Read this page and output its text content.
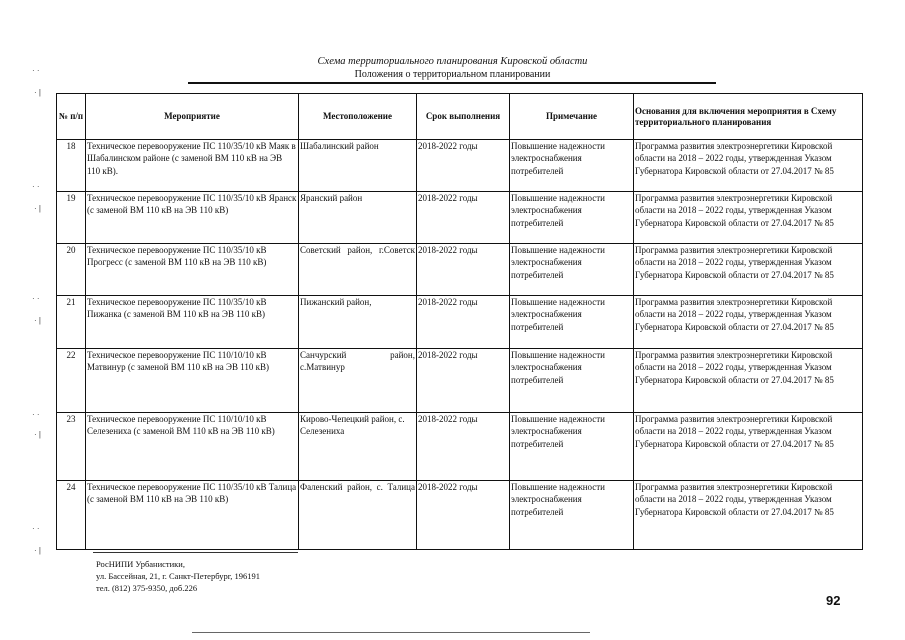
Схема территориального планирования Кировской области
Положения о территориальном планировании
· ·
· |
· ·
· |
· ·
· |
· ·
· |
· ·
· |
№ п/п	Мероприятие	Местоположение	Срок выполнения	Примечание	Основания для включения мероприятия в Схему территориального планирования
18	Техническое перевооружение ПС 110/35/10 кВ Маяк в Шабалинском районе (с заменой ВМ 110 кВ на ЭВ 110 кВ).	Шабалинский район	2018-2022 годы	Повышение надежности электроснабжения потребителей	Программа развития электроэнергетики Кировской области на 2018 – 2022 годы, утвержденная Указом Губернатора Кировской области от 27.04.2017 № 85
19	Техническое перевооружение ПС 110/35/10 кВ Яранск (с заменой ВМ 110 кВ на ЭВ 110 кВ)	Яранский район	2018-2022 годы	Повышение надежности электроснабжения потребителей	Программа развития электроэнергетики Кировской области на 2018 – 2022 годы, утвержденная Указом Губернатора Кировской области от 27.04.2017 № 85
20	Техническое перевооружение ПС 110/35/10 кВ Прогресс (с заменой ВМ 110 кВ на ЭВ 110 кВ)	Советский район, г.Советск	2018-2022 годы	Повышение надежности электроснабжения потребителей	Программа развития электроэнергетики Кировской области на 2018 – 2022 годы, утвержденная Указом Губернатора Кировской области от 27.04.2017 № 85
21	Техническое перевооружение ПС 110/35/10 кВ Пижанка (с заменой ВМ 110 кВ на ЭВ 110 кВ)	Пижанский район,	2018-2022 годы	Повышение надежности электроснабжения потребителей	Программа развития электроэнергетики Кировской области на 2018 – 2022 годы, утвержденная Указом Губернатора Кировской области от 27.04.2017 № 85
22	Техническое перевооружение ПС 110/10/10 кВ Матвинур (с заменой ВМ 110 кВ на ЭВ 110 кВ)	Санчурский район, с.Матвинур	2018-2022 годы	Повышение надежности электроснабжения потребителей	Программа развития электроэнергетики Кировской области на 2018 – 2022 годы, утвержденная Указом Губернатора Кировской области от 27.04.2017 № 85
23	Техническое перевооружение ПС 110/10/10 кВ Селезениха (с заменой ВМ 110 кВ на ЭВ 110 кВ)	Кирово-Чепецкий район, с. Селезениха	2018-2022 годы	Повышение надежности электроснабжения потребителей	Программа развития электроэнергетики Кировской области на 2018 – 2022 годы, утвержденная Указом Губернатора Кировской области от 27.04.2017 № 85
24	Техническое перевооружение ПС 110/35/10 кВ Талица (с заменой ВМ 110 кВ на ЭВ 110 кВ)	Фаленский район, с. Талица	2018-2022 годы	Повышение надежности электроснабжения потребителей	Программа развития электроэнергетики Кировской области на 2018 – 2022 годы, утвержденная Указом Губернатора Кировской области от 27.04.2017 № 85
РосНИПИ Урбанистики,
ул. Бассейная, 21, г. Санкт-Петербург, 196191
тел. (812) 375-9350, доб.226
92
